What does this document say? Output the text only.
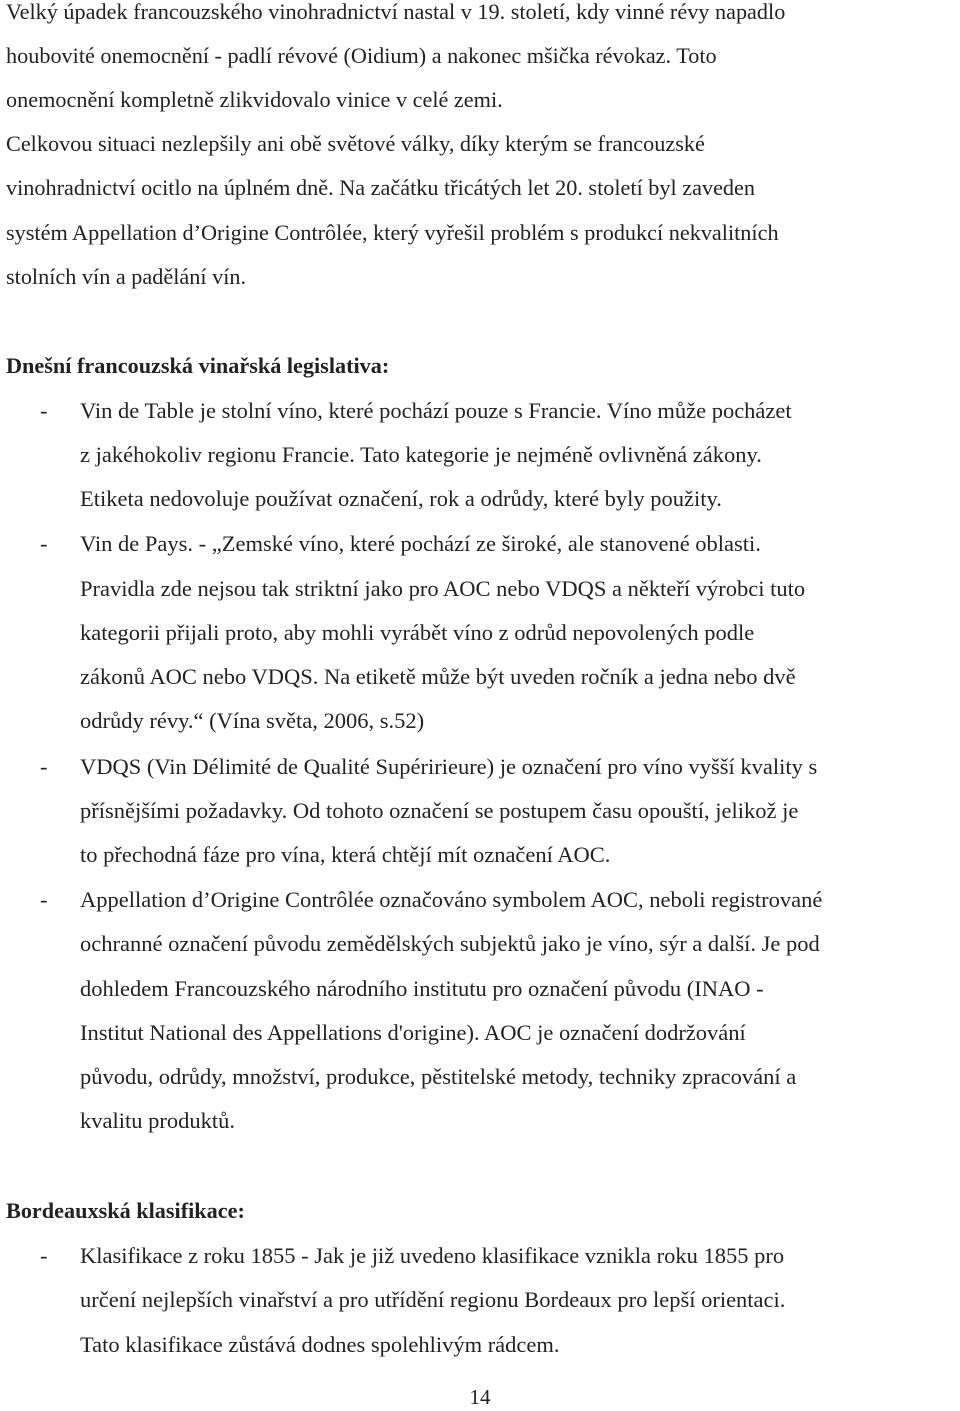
Velký úpadek francouzského vinohradnictví nastal v 19. století, kdy vinné révy napadlo
houbovité onemocnění - padlí révové (Oidium) a nakonec mšička révokaz. Toto
onemocnění kompletně zlikvidovalo vinice v celé zemi.
Celkovou situaci nezlepšily ani obě světové války, díky kterým se francouzské
vinohradnictví ocitlo na úplném dně. Na začátku třicátých let 20. století byl zaveden
systém Appellation d’Origine Contrôlée, který vyřešil problém s produkcí nekvalitních
stolních vín a padělání vín.
Dnešní francouzská vinařská legislativa:
- Vin de Table je stolní víno, které pochází pouze s Francie. Víno může pocházet
z jakéhokoliv regionu Francie. Tato kategorie je nejméně ovlivněná zákony.
Etiketa nedovoluje používat označení, rok a odrůdy, které byly použity.
- Vin de Pays. - „Zemské víno, které pochází ze široké, ale stanovené oblasti.
Pravidla zde nejsou tak striktní jako pro AOC nebo VDQS a někteří výrobci tuto
kategorii přijali proto, aby mohli vyrábět víno z odrůd nepovolených podle
zákonů AOC nebo VDQS. Na etiketě může být uveden ročník a jedna nebo dvě
odrůdy révy.“ (Vína světa, 2006, s.52)
- VDQS (Vin Délimité de Qualité Supéririeure) je označení pro víno vyšší kvality s
přísnějšími požadavky. Od tohoto označení se postupem času opouští, jelikož je
to přechodná fáze pro vína, která chtějí mít označení AOC.
- Appellation d’Origine Contrôlée označováno symbolem AOC, neboli registrované
ochranné označení původu zemědělských subjektů jako je víno, sýr a další. Je pod
dohledem Francouzského národního institutu pro označení původu (INAO -
Institut National des Appellations d'origine). AOC je označení dodržování
původu, odrůdy, množství, produkce, pěstitelské metody, techniky zpracování a
kvalitu produktů.
Bordeauxská klasifikace:
- Klasifikace z roku 1855 - Jak je již uvedeno klasifikace vznikla roku 1855 pro
určení nejlepších vinařství a pro utřídění regionu Bordeaux pro lepší orientaci.
Tato klasifikace zůstává dodnes spolehlivým rádcem.
14
